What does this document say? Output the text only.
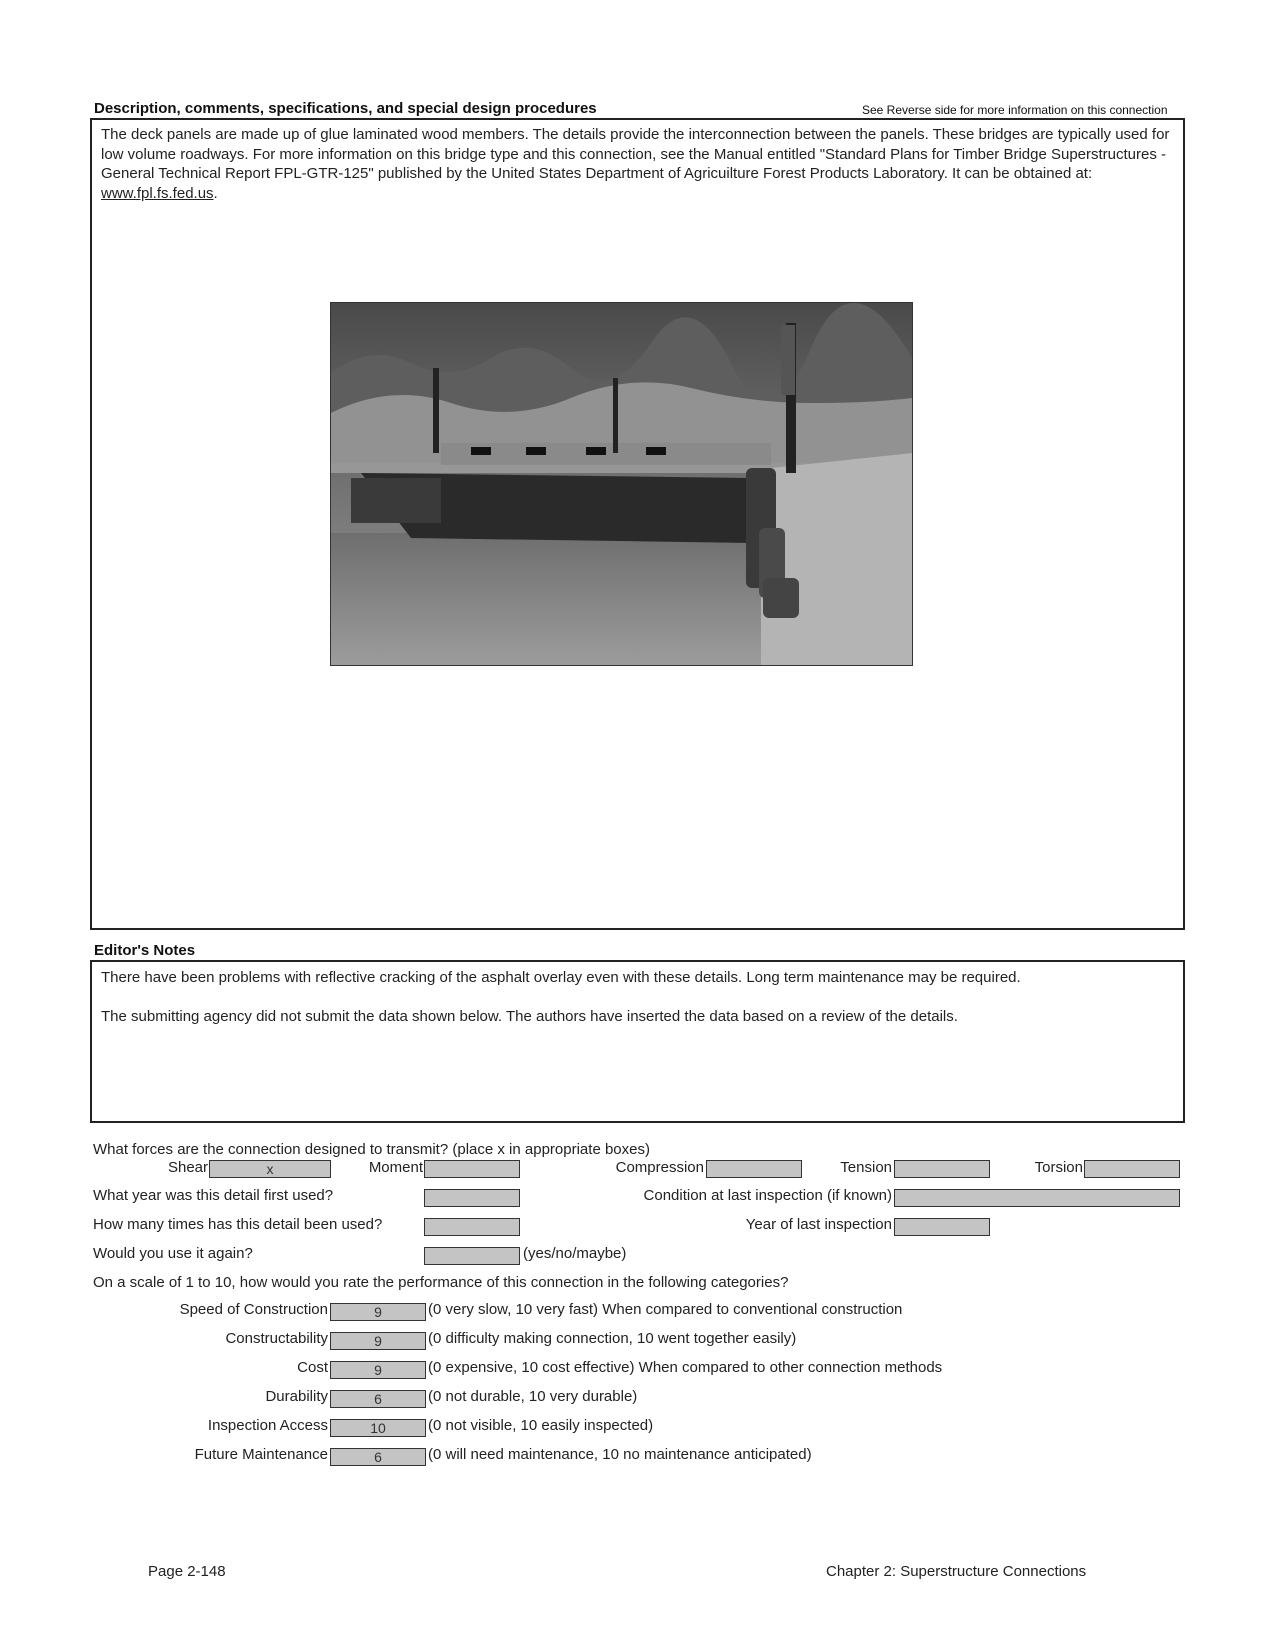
Description, comments, specifications, and special design procedures	See Reverse side for more information on this connection
The deck panels are made up of glue laminated wood members. The details provide the interconnection between the panels. These bridges are typically used for low volume roadways. For more information on this bridge type and this connection, see the Manual entitled "Standard Plans for Timber Bridge Superstructures - General Technical Report FPL-GTR-125" published by the United States Department of Agricuilture Forest Products Laboratory. It can be obtained at: www.fpl.fs.fed.us.
Editor's Notes
There have been problems with reflective cracking of the asphalt overlay even with these details. Long term maintenance may be required.
The submitting agency did not submit the data shown below. The authors have inserted the data based on a review of the details.
What forces are the connection designed to transmit? (place x in appropriate boxes)
Shear	x	Moment	Compression	Tension	Torsion
What year was this detail first used?	Condition at last inspection (if known)
How many times has this detail been used?	Year of last inspection
Would you use it again?	(yes/no/maybe)
On a scale of 1 to 10, how would you rate the performance of this connection in the following categories?
Speed of Construction	9	(0 very slow, 10 very fast) When compared to conventional construction
Constructability	9	(0 difficulty making connection, 10 went together easily)
Cost	9	(0 expensive, 10 cost effective) When compared to other connection methods
Durability	6	(0 not durable, 10 very durable)
Inspection Access	10	(0 not visible, 10 easily inspected)
Future Maintenance	6	(0 will need maintenance, 10 no maintenance anticipated)
Page 2-148	Chapter 2: Superstructure Connections
